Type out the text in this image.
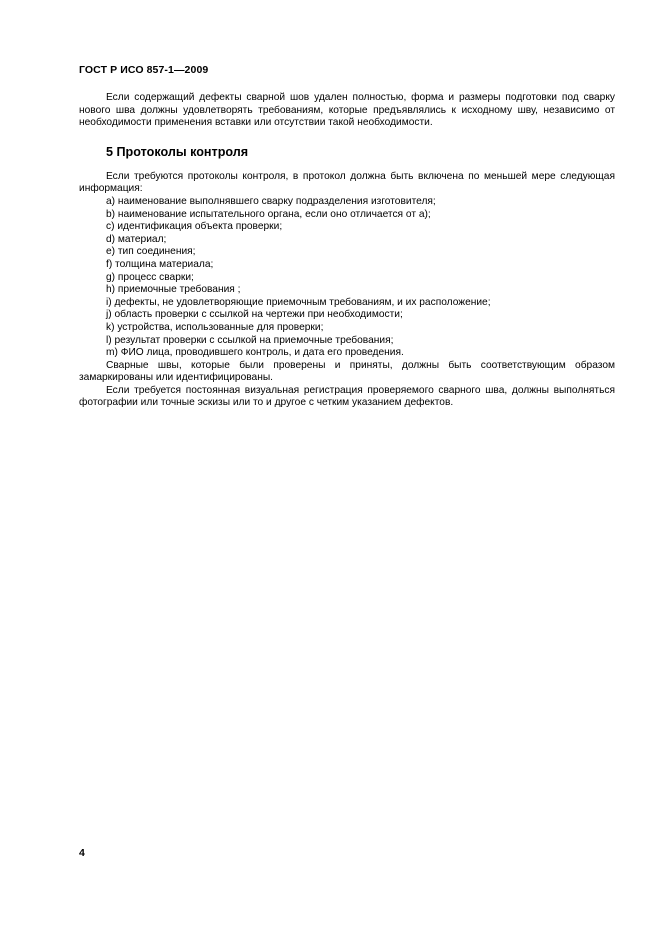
ГОСТ Р ИСО 857-1—2009

Если содержащий дефекты сварной шов удален полностью, форма и размеры подготовки под сварку нового шва должны удовлетворять требованиям, которые предъявлялись к исходному шву, независимо от необходимости применения вставки или отсутствии такой необходимости.

5 Протоколы контроля

Если требуются протоколы контроля, в протокол должна быть включена по меньшей мере следующая информация:

a) наименование выполнявшего сварку подразделения изготовителя;
b) наименование испытательного органа, если оно отличается от a);
c) идентификация объекта проверки;
d) материал;
e) тип соединения;
f) толщина материала;
g) процесс сварки;
h) приемочные требования ;
i) дефекты, не удовлетворяющие приемочным требованиям, и их расположение;
j) область проверки с ссылкой на чертежи при необходимости;
k) устройства, использованные для проверки;
l) результат проверки с ссылкой на приемочные требования;
m) ФИО лица, проводившего контроль, и дата его проведения.

Сварные швы, которые были проверены и приняты, должны быть соответствующим образом замаркированы или идентифицированы.

Если требуется постоянная визуальная регистрация проверяемого сварного шва, должны выполняться фотографии или точные эскизы или то и другое с четким указанием дефектов.

4
